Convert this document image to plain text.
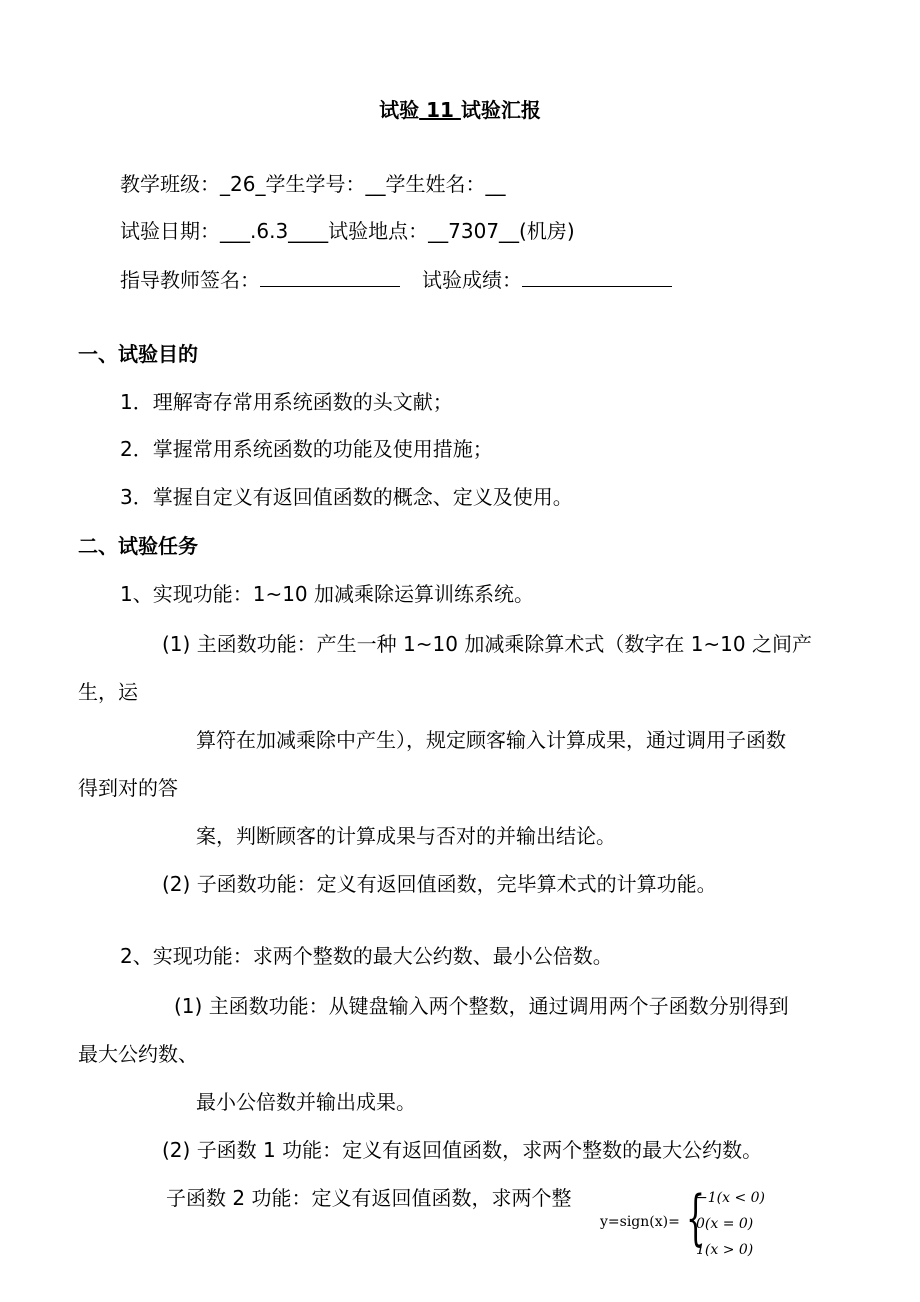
试验 11 试验汇报
教学班级：_26_学生学号：__学生姓名：__
试验日期：___.6.3____试验地点：__7307__(机房)
指导教师签名：	试验成绩：
一、试验目的
1．理解寄存常用系统函数的头文献；
2．掌握常用系统函数的功能及使用措施；
3．掌握自定义有返回值函数的概念、定义及使用。
二、试验任务
1、实现功能：1~10 加减乘除运算训练系统。
(1) 主函数功能：产生一种 1~10 加减乘除算术式（数字在 1~10 之间产
生，运
算符在加减乘除中产生），规定顾客输入计算成果，通过调用子函数
得到对的答
案，判断顾客的计算成果与否对的并输出结论。
(2) 子函数功能：定义有返回值函数，完毕算术式的计算功能。
2、实现功能：求两个整数的最大公约数、最小公倍数。
(1) 主函数功能：从键盘输入两个整数，通过调用两个子函数分别得到
最大公约数、
最小公倍数并输出成果。
(2) 子函数 1 功能：定义有返回值函数，求两个整数的最大公约数。
子函数 2 功能：定义有返回值函数，求两个整
y=sign(x)= {
−1(x < 0)
0(x = 0)
1(x > 0)
